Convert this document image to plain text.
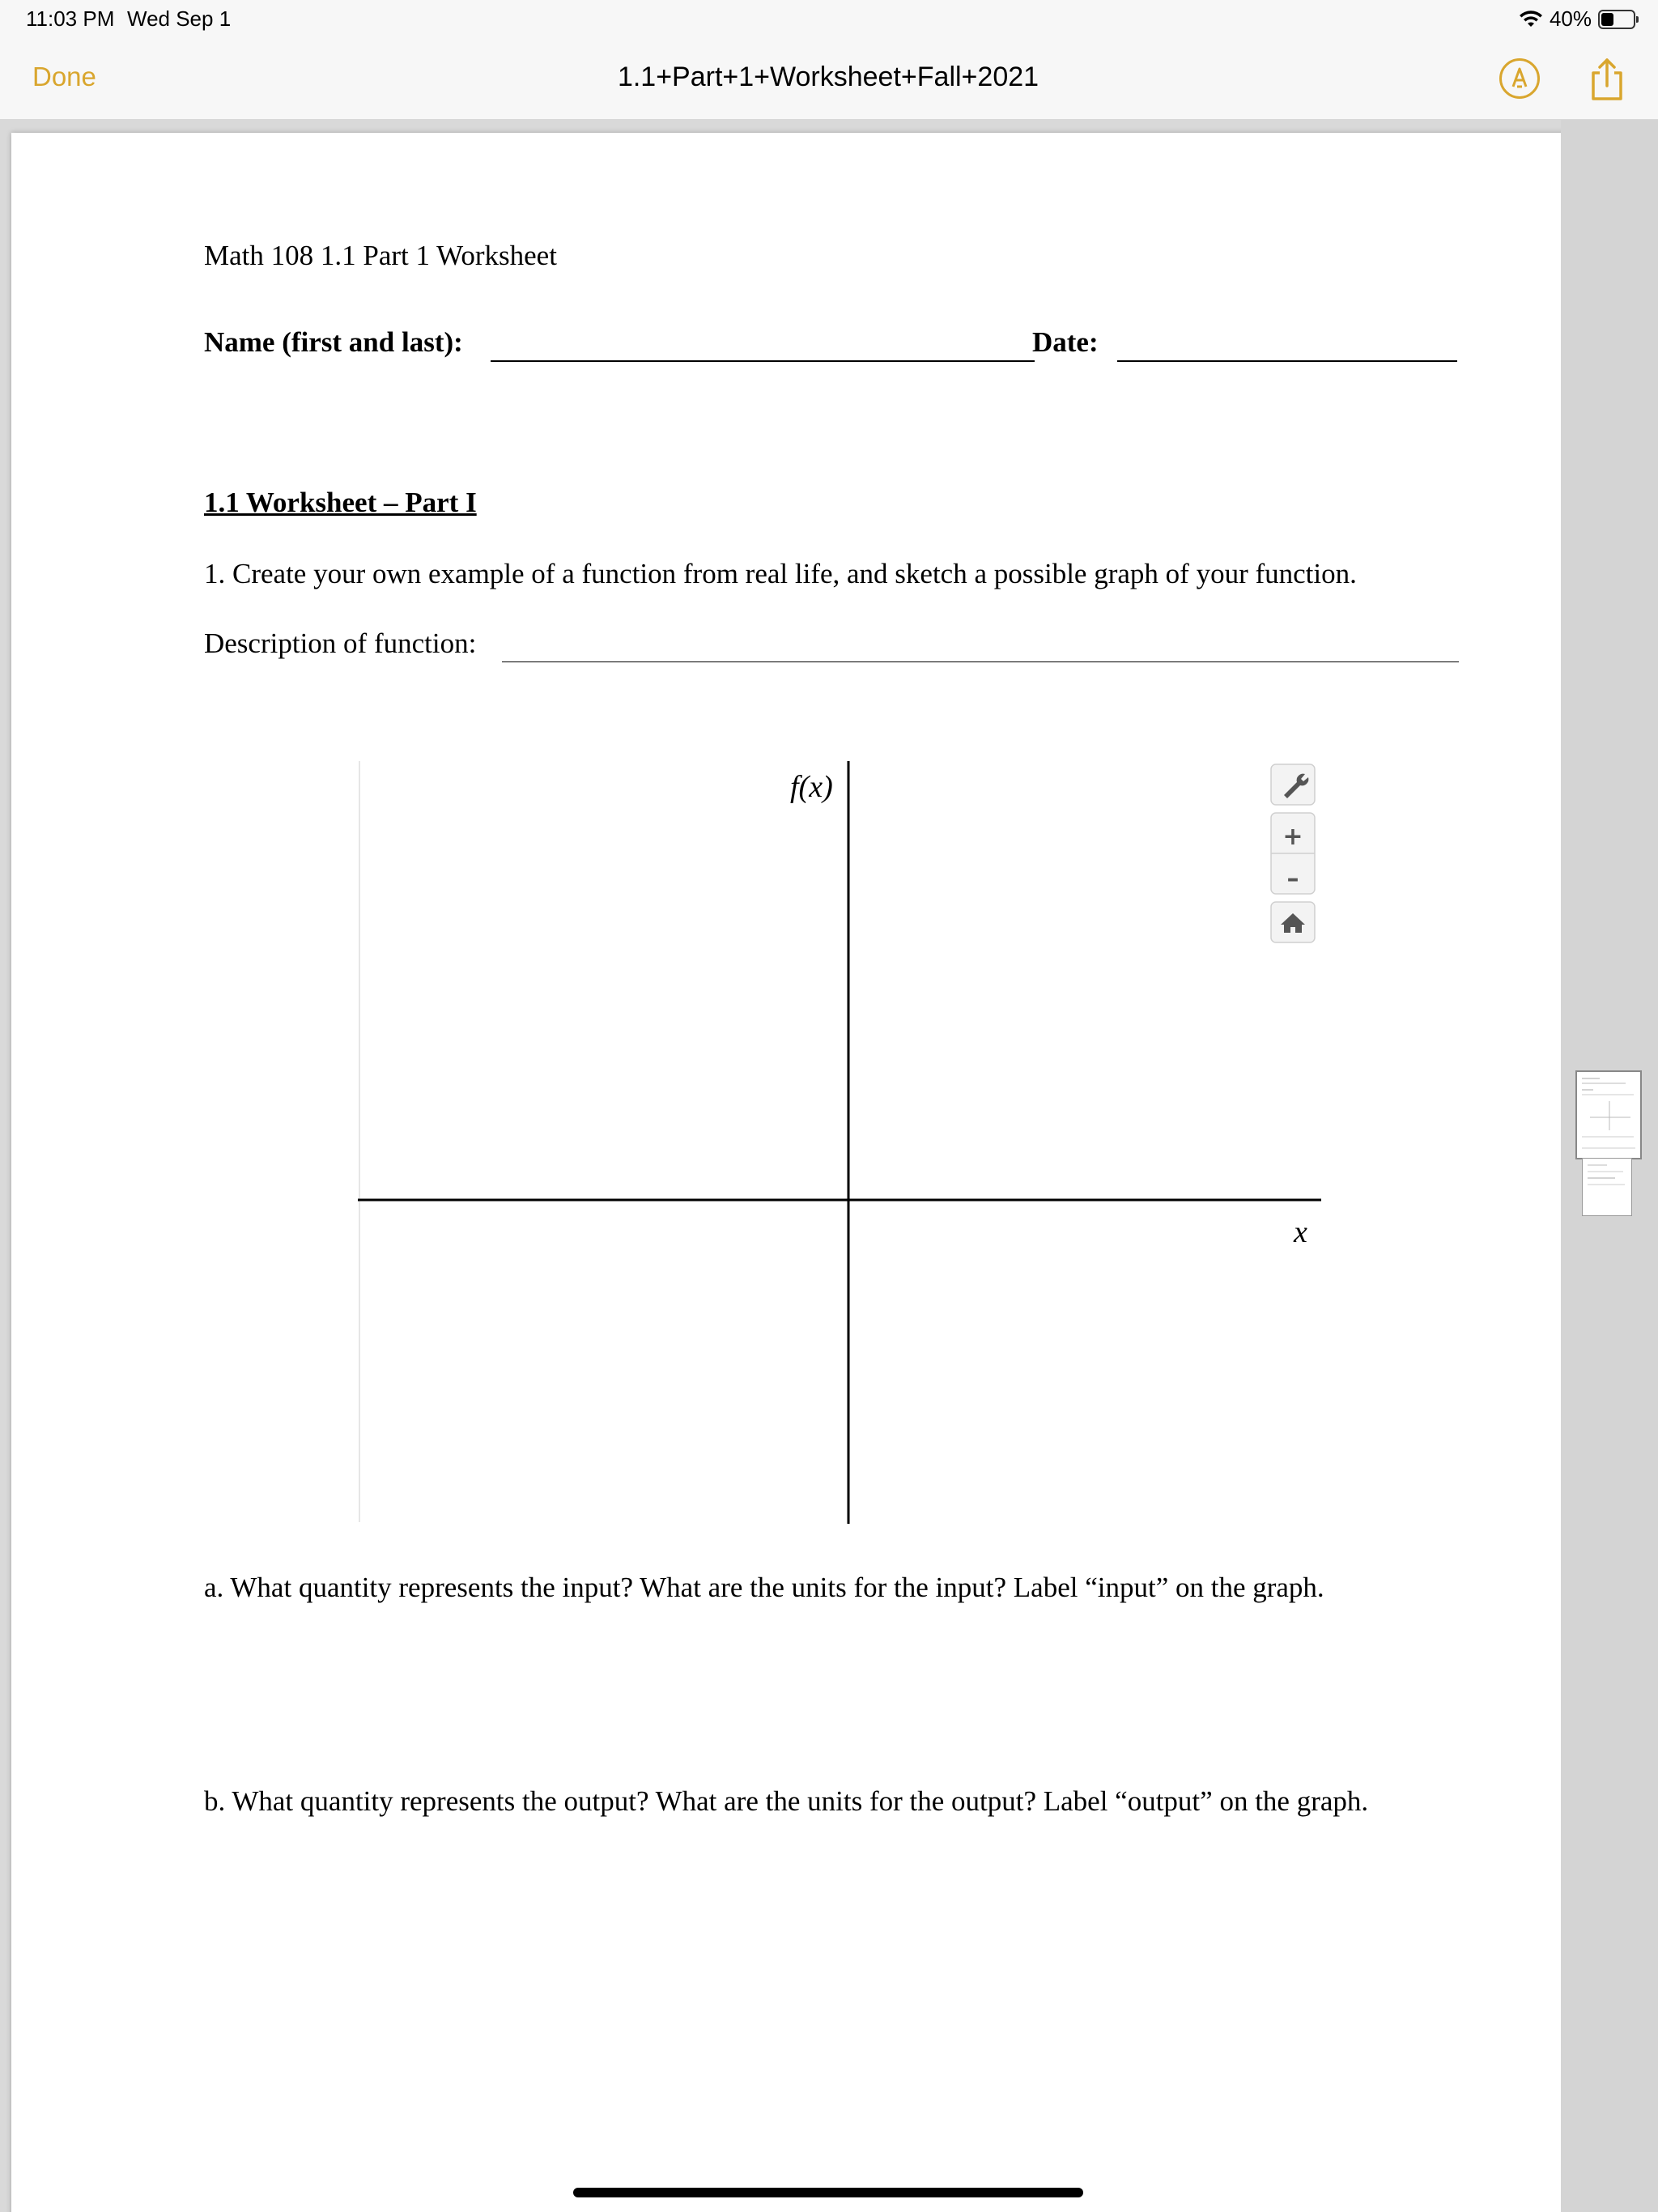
11:03 PM Wed Sep 1	40%
Done	1.1+Part+1+Worksheet+Fall+2021
Math 108 1.1 Part 1 Worksheet
Name (first and last):	Date:
1.1 Worksheet – Part I
1. Create your own example of a function from real life, and sketch a possible graph of your function.
Description of function:
f(x)
x
+
–
a. What quantity represents the input? What are the units for the input? Label “input” on the graph.
b. What quantity represents the output? What are the units for the output? Label “output” on the graph.
